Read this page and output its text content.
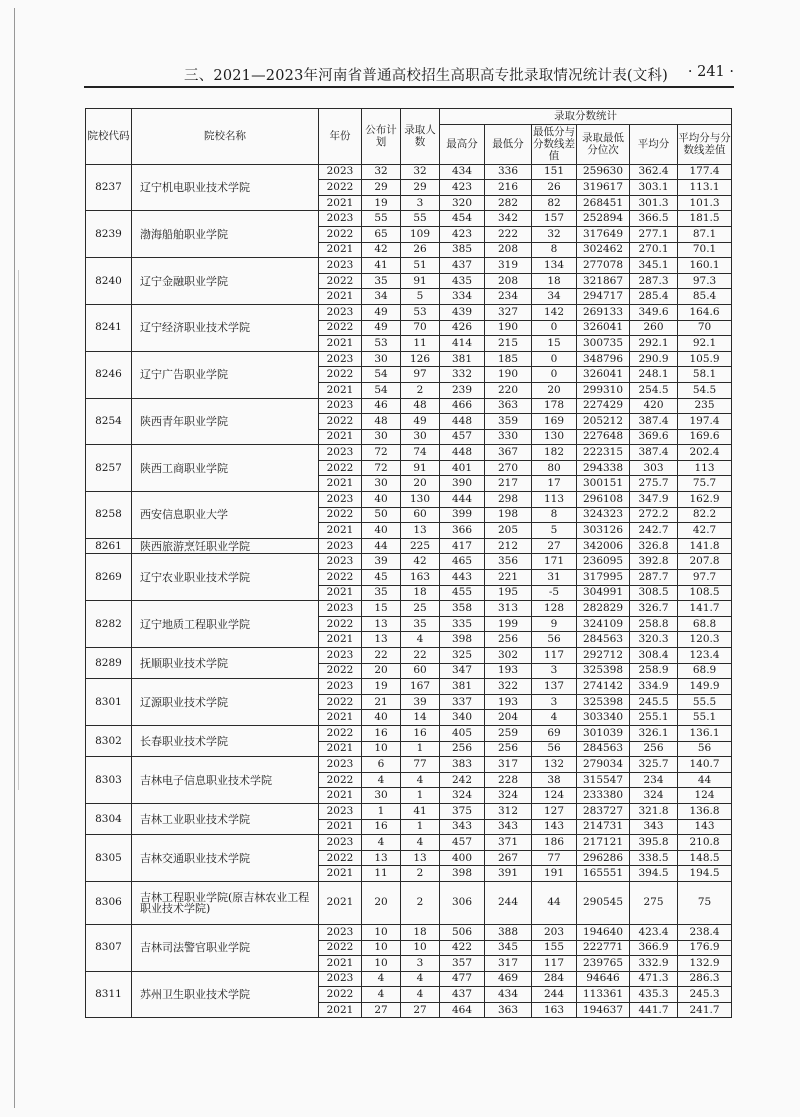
三、2021—2023年河南省普通高校招生高职高专批录取情况统计表(文科) · 241 ·
院校代码	院校名称	年份	公布计划	录取人数	录取分数统计					
					最高分	最低分	最低分与分数线差值	录取最低分位次	平均分	平均分与分数线差值
8237	辽宁机电职业技术学院	2023	32	32	434	336	151	259630	362.4	177.4
		2022	29	29	423	216	26	319617	303.1	113.1
		2021	19	3	320	282	82	268451	301.3	101.3
8239	渤海船舶职业学院	2023	55	55	454	342	157	252894	366.5	181.5
		2022	65	109	423	222	32	317649	277.1	87.1
		2021	42	26	385	208	8	302462	270.1	70.1
8240	辽宁金融职业学院	2023	41	51	437	319	134	277078	345.1	160.1
		2022	35	91	435	208	18	321867	287.3	97.3
		2021	34	5	334	234	34	294717	285.4	85.4
8241	辽宁经济职业技术学院	2023	49	53	439	327	142	269133	349.6	164.6
		2022	49	70	426	190	0	326041	260	70
		2021	53	11	414	215	15	300735	292.1	92.1
8246	辽宁广告职业学院	2023	30	126	381	185	0	348796	290.9	105.9
		2022	54	97	332	190	0	326041	248.1	58.1
		2021	54	2	239	220	20	299310	254.5	54.5
8254	陕西青年职业学院	2023	46	48	466	363	178	227429	420	235
		2022	48	49	448	359	169	205212	387.4	197.4
		2021	30	30	457	330	130	227648	369.6	169.6
8257	陕西工商职业学院	2023	72	74	448	367	182	222315	387.4	202.4
		2022	72	91	401	270	80	294338	303	113
		2021	30	20	390	217	17	300151	275.7	75.7
8258	西安信息职业大学	2023	40	130	444	298	113	296108	347.9	162.9
		2022	50	60	399	198	8	324323	272.2	82.2
		2021	40	13	366	205	5	303126	242.7	42.7
8261	陕西旅游烹饪职业学院	2023	44	225	417	212	27	342006	326.8	141.8
8269	辽宁农业职业技术学院	2023	39	42	465	356	171	236095	392.8	207.8
		2022	45	163	443	221	31	317995	287.7	97.7
		2021	35	18	455	195	-5	304991	308.5	108.5
8282	辽宁地质工程职业学院	2023	15	25	358	313	128	282829	326.7	141.7
		2022	13	35	335	199	9	324109	258.8	68.8
		2021	13	4	398	256	56	284563	320.3	120.3
8289	抚顺职业技术学院	2023	22	22	325	302	117	292712	308.4	123.4
		2022	20	60	347	193	3	325398	258.9	68.9
8301	辽源职业技术学院	2023	19	167	381	322	137	274142	334.9	149.9
		2022	21	39	337	193	3	325398	245.5	55.5
		2021	40	14	340	204	4	303340	255.1	55.1
8302	长春职业技术学院	2022	16	16	405	259	69	301039	326.1	136.1
		2021	10	1	256	256	56	284563	256	56
8303	吉林电子信息职业技术学院	2023	6	77	383	317	132	279034	325.7	140.7
		2022	4	4	242	228	38	315547	234	44
		2021	30	1	324	324	124	233380	324	124
8304	吉林工业职业技术学院	2023	1	41	375	312	127	283727	321.8	136.8
		2021	16	1	343	343	143	214731	343	143
8305	吉林交通职业技术学院	2023	4	4	457	371	186	217121	395.8	210.8
		2022	13	13	400	267	77	296286	338.5	148.5
		2021	11	2	398	391	191	165551	394.5	194.5
8306	吉林工程职业学院(原吉林农业工程职业技术学院)	2021	20	2	306	244	44	290545	275	75
8307	吉林司法警官职业学院	2023	10	18	506	388	203	194640	423.4	238.4
		2022	10	10	422	345	155	222771	366.9	176.9
		2021	10	3	357	317	117	239765	332.9	132.9
8311	苏州卫生职业技术学院	2023	4	4	477	469	284	94646	471.3	286.3
		2022	4	4	437	434	244	113361	435.3	245.3
		2021	27	27	464	363	163	194637	441.7	241.7
